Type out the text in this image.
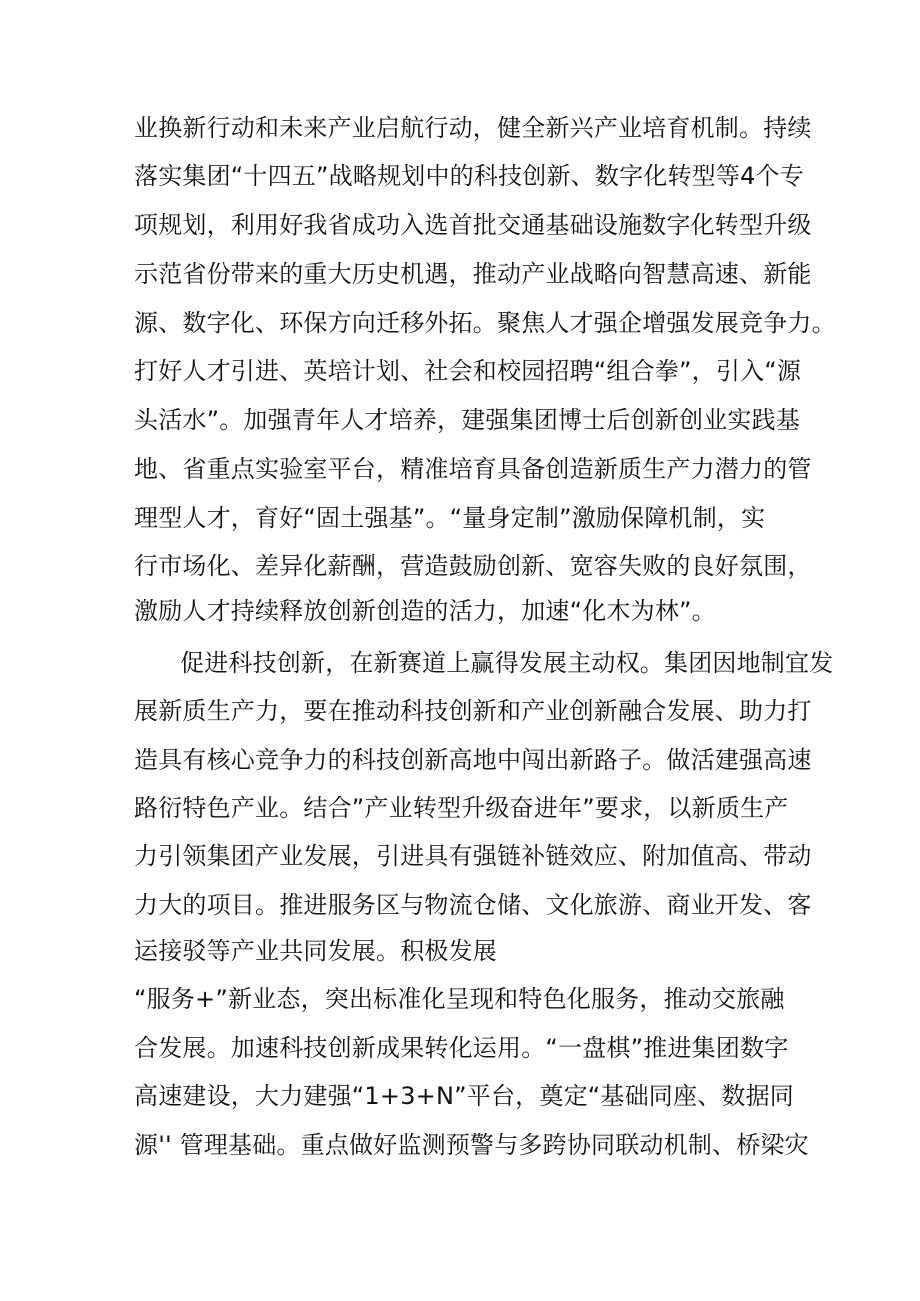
业换新行动和未来产业启航行动，健全新兴产业培育机制。持续
落实集团“十四五”战略规划中的科技创新、数字化转型等4个专
项规划，利用好我省成功入选首批交通基础设施数字化转型升级
示范省份带来的重大历史机遇，推动产业战略向智慧高速、新能
源、数字化、环保方向迁移外拓。聚焦人才强企增强发展竞争力。
打好人才引进、英培计划、社会和校园招聘“组合拳”，引入“源
头活水”。加强青年人才培养，建强集团博士后创新创业实践基
地、省重点实验室平台，精准培育具备创造新质生产力潜力的管
理型人才，育好“固土强基”。“量身定制”激励保障机制，实
行市场化、差异化薪酬，营造鼓励创新、宽容失败的良好氛围，
激励人才持续释放创新创造的活力，加速“化木为林”。
促进科技创新，在新赛道上赢得发展主动权。集团因地制宜发
展新质生产力，要在推动科技创新和产业创新融合发展、助力打
造具有核心竞争力的科技创新高地中闯出新路子。做活建强高速
路衍特色产业。结合”产业转型升级奋进年”要求，以新质生产
力引领集团产业发展，引进具有强链补链效应、附加值高、带动
力大的项目。推进服务区与物流仓储、文化旅游、商业开发、客
运接驳等产业共同发展。积极发展
“服务+”新业态，突出标准化呈现和特色化服务，推动交旅融
合发展。加速科技创新成果转化运用。“一盘棋”推进集团数字
高速建设，大力建强“1+3+N”平台，奠定“基础同座、数据同
源'' 管理基础。重点做好监测预警与多跨协同联动机制、桥梁灾
